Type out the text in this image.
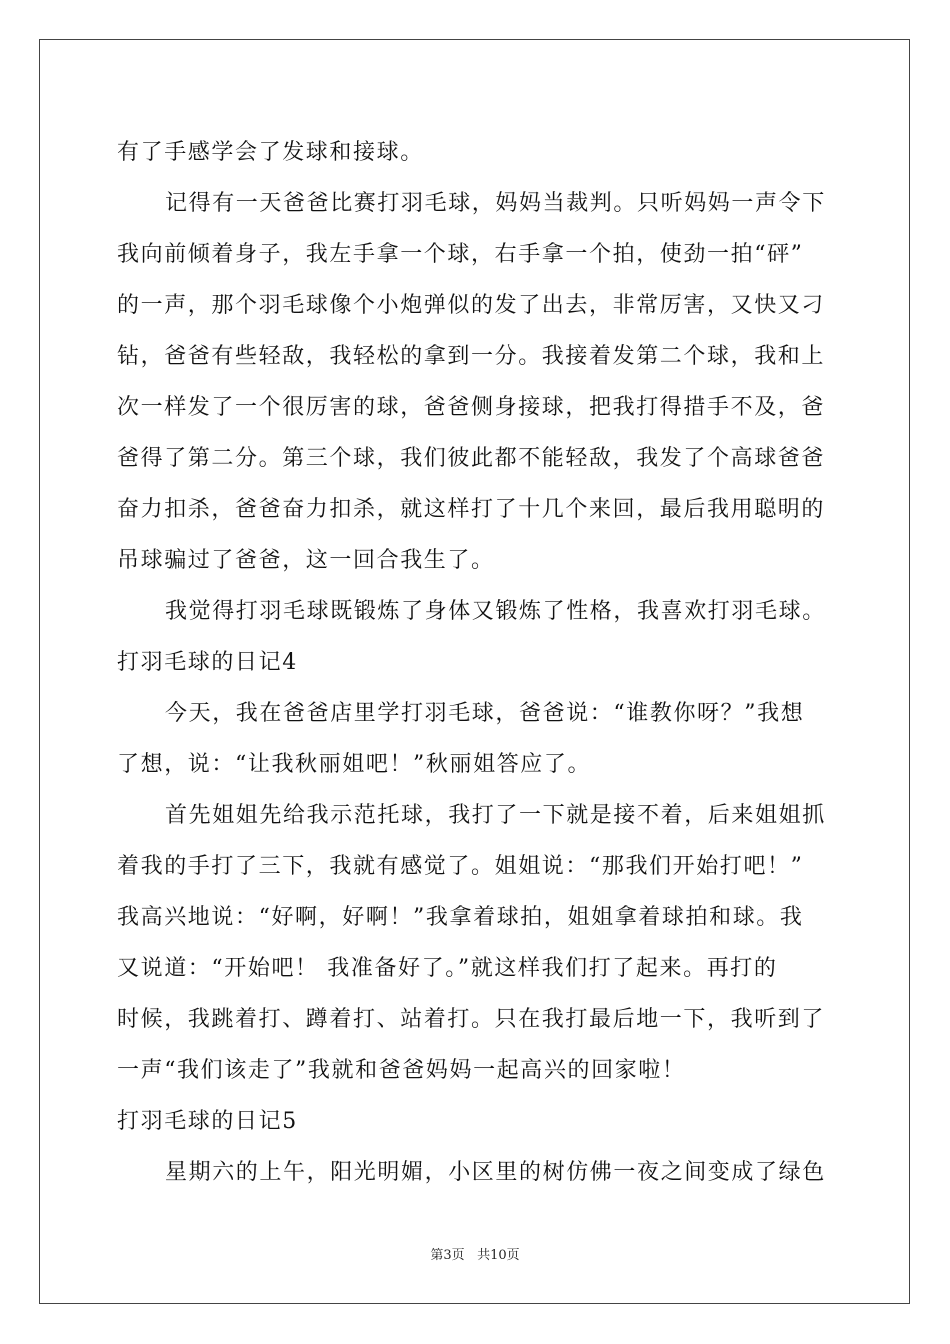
有了手感学会了发球和接球。
记得有一天爸爸比赛打羽毛球，妈妈当裁判。只听妈妈一声令下
我向前倾着身子，我左手拿一个球，右手拿一个拍，使劲一拍“砰”
的一声，那个羽毛球像个小炮弹似的发了出去，非常厉害，又快又刁
钻，爸爸有些轻敌，我轻松的拿到一分。我接着发第二个球，我和上
次一样发了一个很厉害的球，爸爸侧身接球，把我打得措手不及，爸
爸得了第二分。第三个球，我们彼此都不能轻敌，我发了个高球爸爸
奋力扣杀，爸爸奋力扣杀，就这样打了十几个来回，最后我用聪明的
吊球骗过了爸爸，这一回合我生了。
我觉得打羽毛球既锻炼了身体又锻炼了性格，我喜欢打羽毛球。
打羽毛球的日记4
今天，我在爸爸店里学打羽毛球，爸爸说：“谁教你呀？”我想
了想，说：“让我秋丽姐吧！”秋丽姐答应了。
首先姐姐先给我示范托球，我打了一下就是接不着，后来姐姐抓
着我的手打了三下，我就有感觉了。姐姐说：“那我们开始打吧！”
我高兴地说：“好啊，好啊！”我拿着球拍，姐姐拿着球拍和球。我
又说道：“开始吧！ 我准备好了。”就这样我们打了起来。再打的
时候，我跳着打、蹲着打、站着打。只在我打最后地一下，我听到了
一声“我们该走了”我就和爸爸妈妈一起高兴的回家啦！
打羽毛球的日记5
星期六的上午，阳光明媚，小区里的树仿佛一夜之间变成了绿色
第3页 共10页
